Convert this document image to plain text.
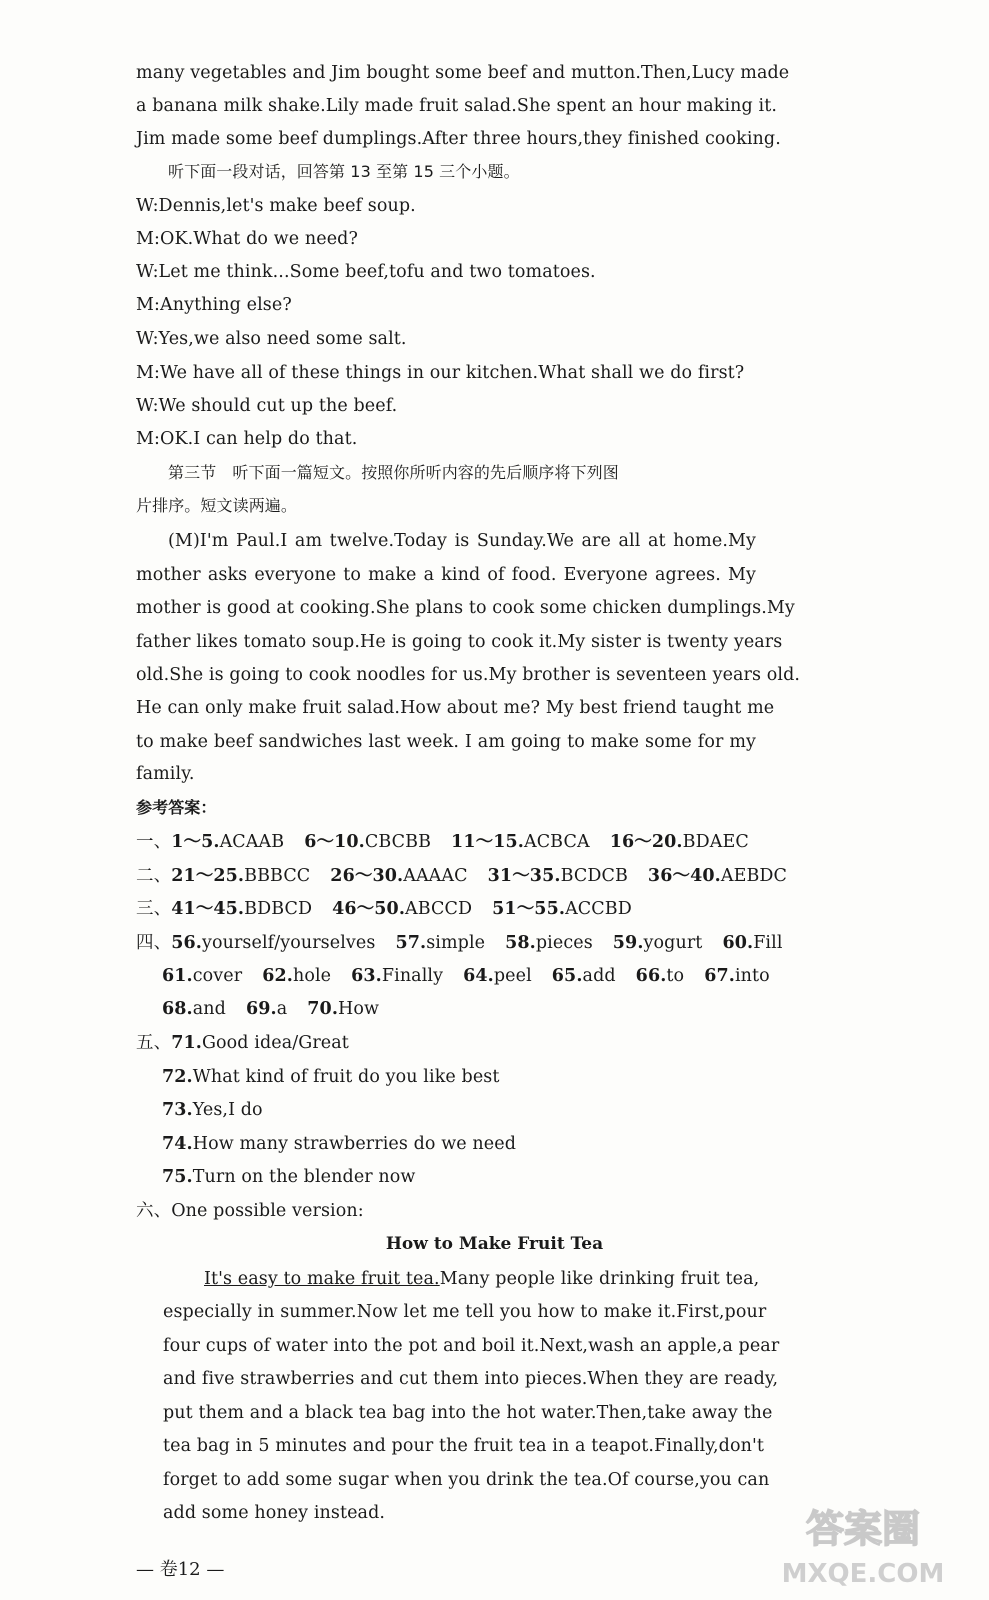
many vegetables and Jim bought some beef and mutton.Then,Lucy made
a banana milk shake.Lily made fruit salad.She spent an hour making it.
Jim made some beef dumplings.After three hours,they finished cooking.
听下面一段对话，回答第 13 至第 15 三个小题。
W:Dennis,let's make beef soup.
M:OK.What do we need?
W:Let me think...Some beef,tofu and two tomatoes.
M:Anything else?
W:Yes,we also need some salt.
M:We have all of these things in our kitchen.What shall we do first?
W:We should cut up the beef.
M:OK.I can help do that.
第三节　听下面一篇短文。按照你所听内容的先后顺序将下列图
片排序。短文读两遍。
(M)I'm Paul.I am twelve.Today is Sunday.We are all at home.My
mother asks everyone to make a kind of food. Everyone agrees. My
mother is good at cooking.She plans to cook some chicken dumplings.My
father likes tomato soup.He is going to cook it.My sister is twenty years
old.She is going to cook noodles for us.My brother is seventeen years old.
He can only make fruit salad.How about me? My best friend taught me
to make beef sandwiches last week. I am going to make some for my
family.
参考答案：
一、1～5.ACAAB 6～10.CBCBB 11～15.ACBCA 16～20.BDAEC
二、21～25.BBBCC 26～30.AAAAC 31～35.BCDCB 36～40.AEBDC
三、41～45.BDBCD 46～50.ABCCD 51～55.ACCBD
四、56.yourself/yourselves 57.simple 58.pieces 59.yogurt 60.Fill
61.cover 62.hole 63.Finally 64.peel 65.add 66.to 67.into
68.and 69.a 70.How
五、71.Good idea/Great
72.What kind of fruit do you like best
73.Yes,I do
74.How many strawberries do we need
75.Turn on the blender now
六、One possible version:
How to Make Fruit Tea
It's easy to make fruit tea.Many people like drinking fruit tea,
especially in summer.Now let me tell you how to make it.First,pour
four cups of water into the pot and boil it.Next,wash an apple,a pear
and five strawberries and cut them into pieces.When they are ready,
put them and a black tea bag into the hot water.Then,take away the
tea bag in 5 minutes and pour the fruit tea in a teapot.Finally,don't
forget to add some sugar when you drink the tea.Of course,you can
add some honey instead.
— 卷12 —
答案圈
MXQE.COM
